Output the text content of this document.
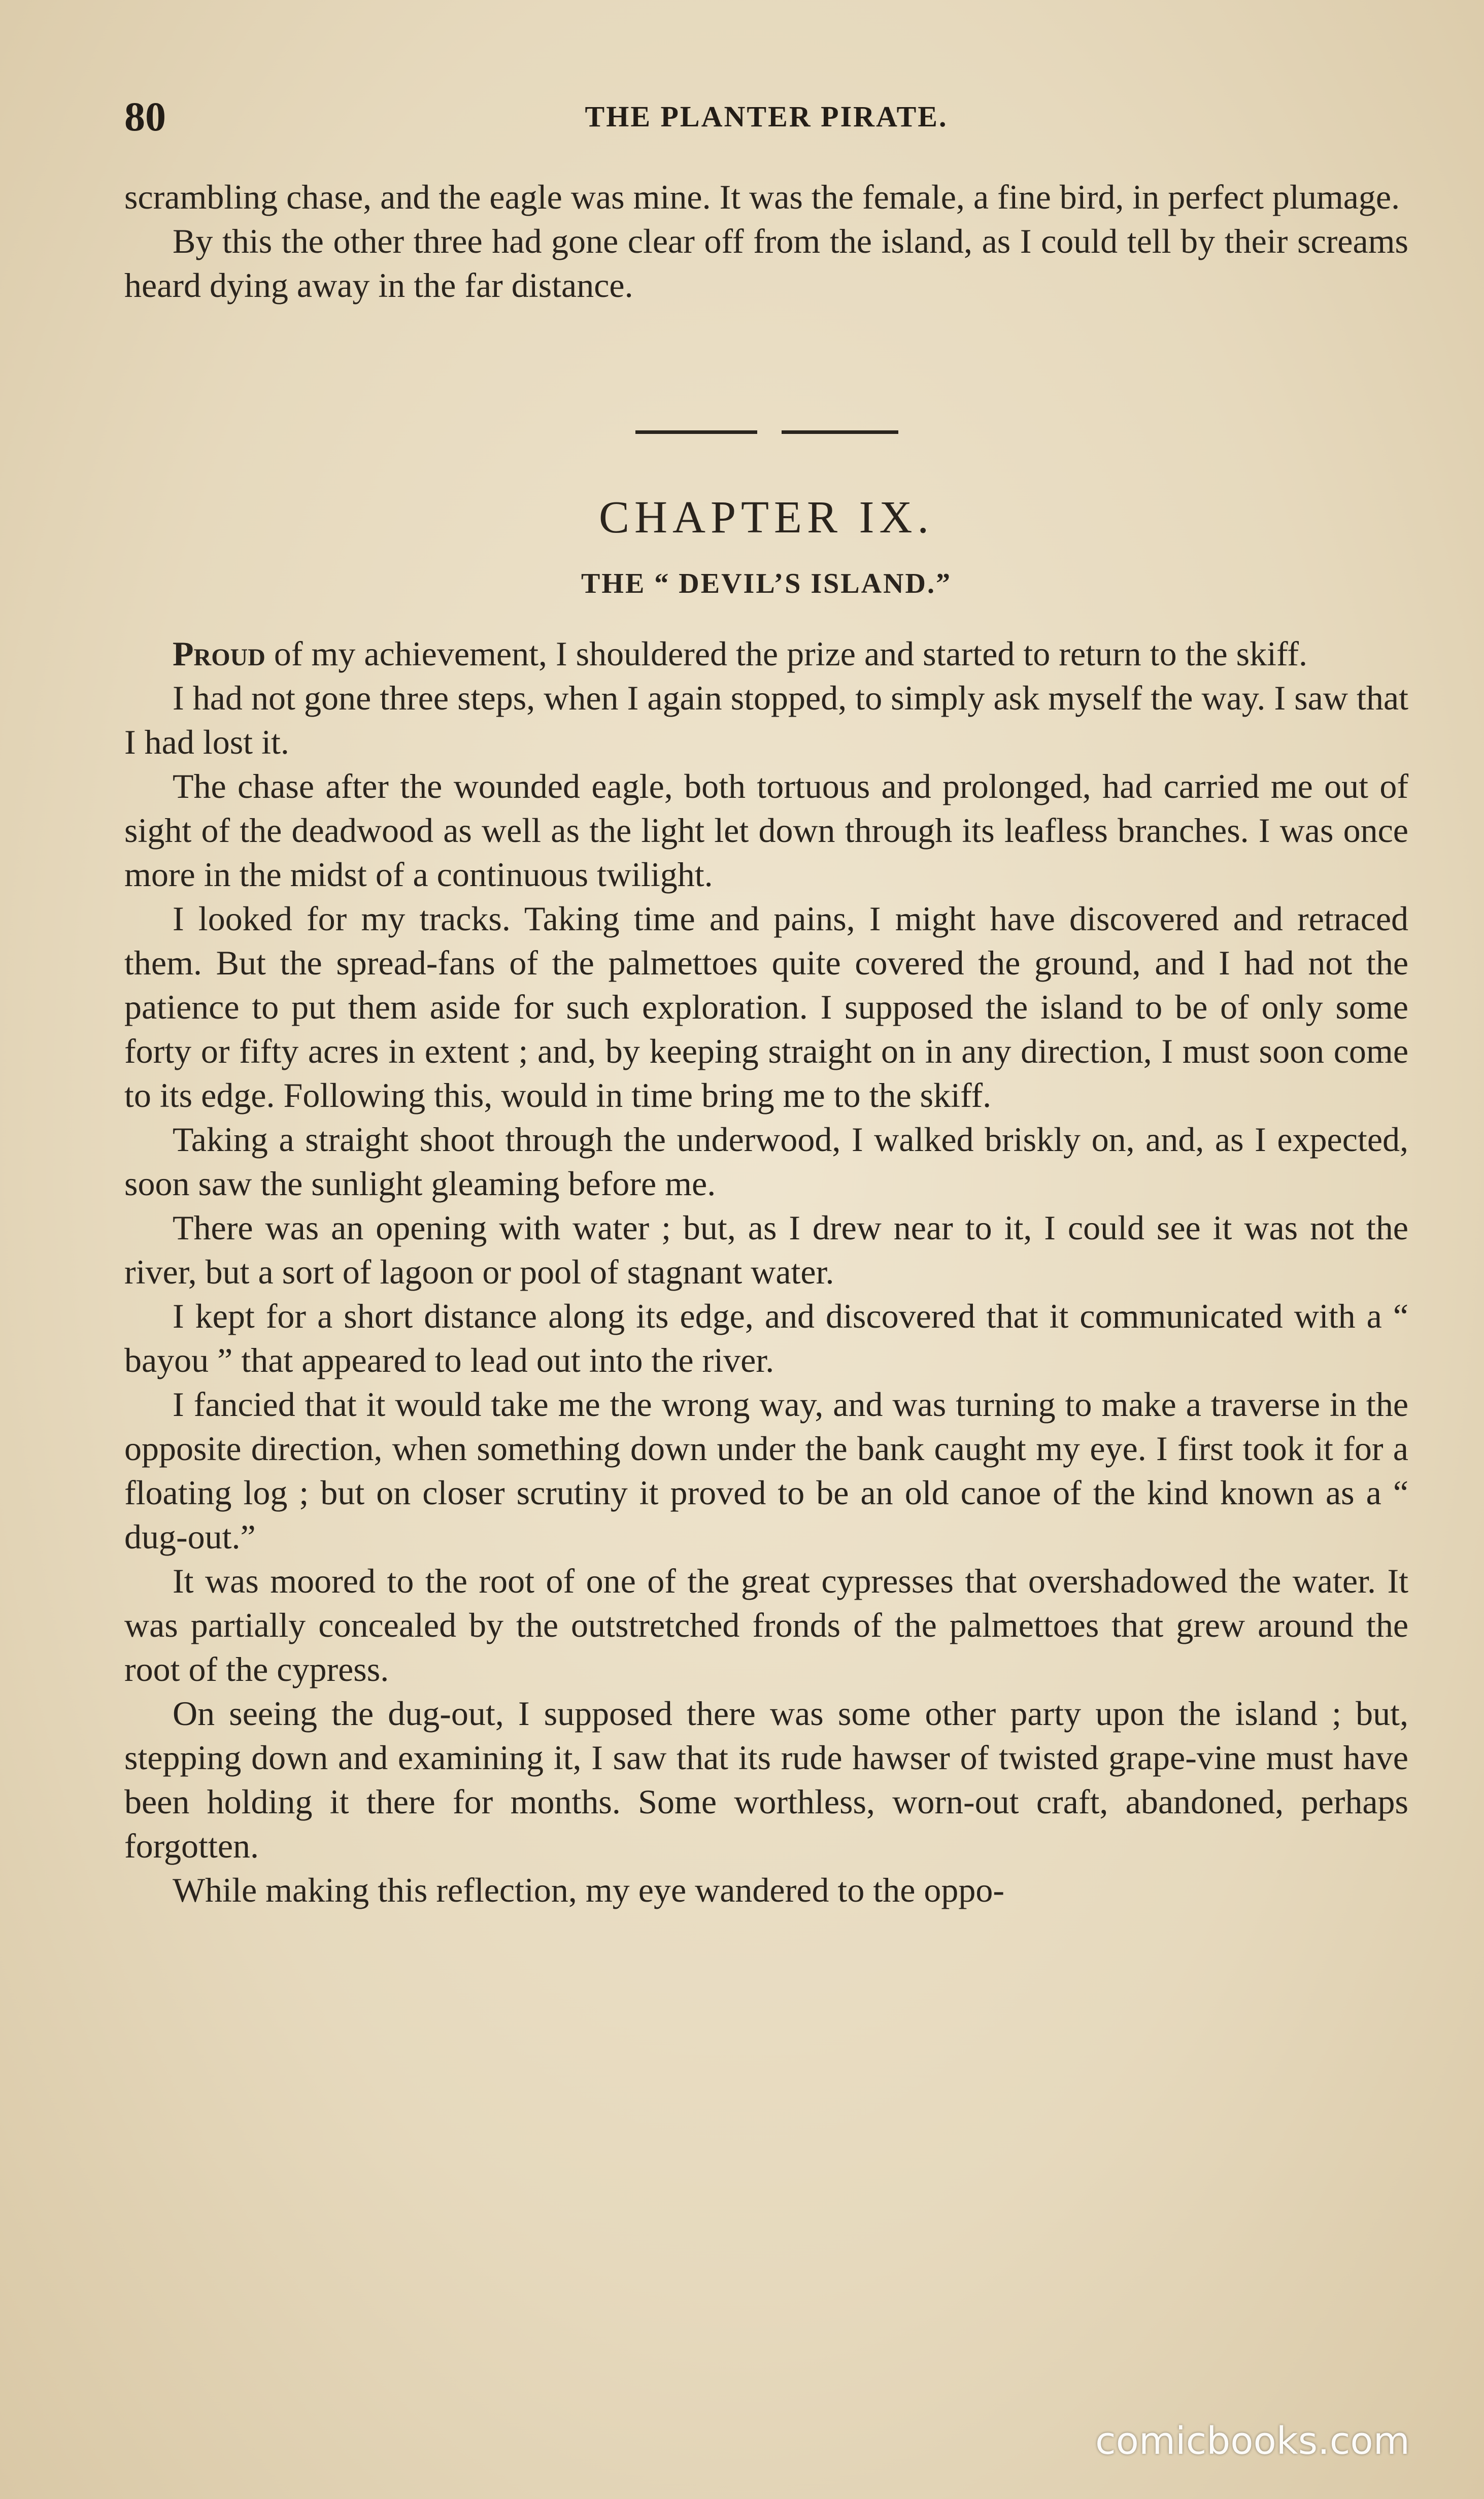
80	THE PLANTER PIRATE.

scrambling chase, and the eagle was mine. It was the female, a fine bird, in perfect plumage.

By this the other three had gone clear off from the island, as I could tell by their screams heard dying away in the far distance.

CHAPTER IX.
THE “ DEVIL’S ISLAND.”

Proud of my achievement, I shouldered the prize and started to return to the skiff.

I had not gone three steps, when I again stopped, to simply ask myself the way. I saw that I had lost it.

The chase after the wounded eagle, both tortuous and prolonged, had carried me out of sight of the deadwood as well as the light let down through its leafless branches. I was once more in the midst of a continuous twilight.

I looked for my tracks. Taking time and pains, I might have discovered and retraced them. But the spread-fans of the palmettoes quite covered the ground, and I had not the patience to put them aside for such exploration. I supposed the island to be of only some forty or fifty acres in extent ; and, by keeping straight on in any direction, I must soon come to its edge. Following this, would in time bring me to the skiff.

Taking a straight shoot through the underwood, I walked briskly on, and, as I expected, soon saw the sunlight gleaming before me.

There was an opening with water ; but, as I drew near to it, I could see it was not the river, but a sort of lagoon or pool of stagnant water.

I kept for a short distance along its edge, and discovered that it communicated with a “ bayou ” that appeared to lead out into the river.

I fancied that it would take me the wrong way, and was turning to make a traverse in the opposite direction, when something down under the bank caught my eye. I first took it for a floating log ; but on closer scrutiny it proved to be an old canoe of the kind known as a “ dug-out.”

It was moored to the root of one of the great cypresses that overshadowed the water. It was partially concealed by the outstretched fronds of the palmettoes that grew around the root of the cypress.

On seeing the dug-out, I supposed there was some other party upon the island ; but, stepping down and examining it, I saw that its rude hawser of twisted grape-vine must have been holding it there for months. Some worthless, worn-out craft, abandoned, perhaps forgotten.

While making this reflection, my eye wandered to the oppo-

comicbooks.com
